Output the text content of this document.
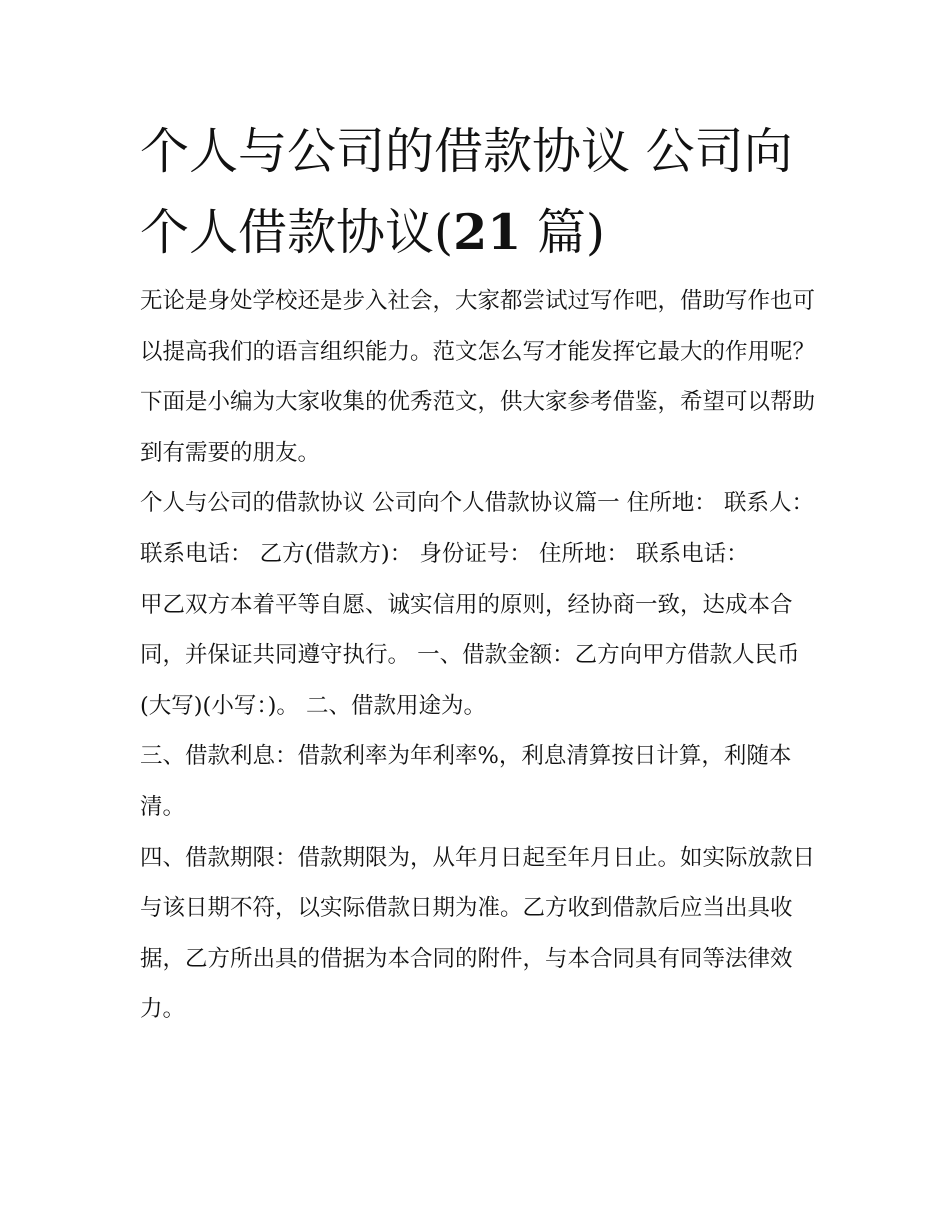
个人与公司的借款协议 公司向个人借款协议(21 篇)

无论是身处学校还是步入社会，大家都尝试过写作吧，借助写作也可以提高我们的语言组织能力。范文怎么写才能发挥它最大的作用呢？下面是小编为大家收集的优秀范文，供大家参考借鉴，希望可以帮助到有需要的朋友。

个人与公司的借款协议 公司向个人借款协议篇一 住所地： 联系人： 联系电话： 乙方(借款方)： 身份证号： 住所地： 联系电话：

甲乙双方本着平等自愿、诚实信用的原则，经协商一致，达成本合同，并保证共同遵守执行。 一、借款金额：乙方向甲方借款人民币(大写)(小写：)。 二、借款用途为。

三、借款利息：借款利率为年利率%，利息清算按日计算，利随本清。

四、借款期限：借款期限为，从年月日起至年月日止。如实际放款日与该日期不符，以实际借款日期为准。乙方收到借款后应当出具收据，乙方所出具的借据为本合同的附件，与本合同具有同等法律效力。
